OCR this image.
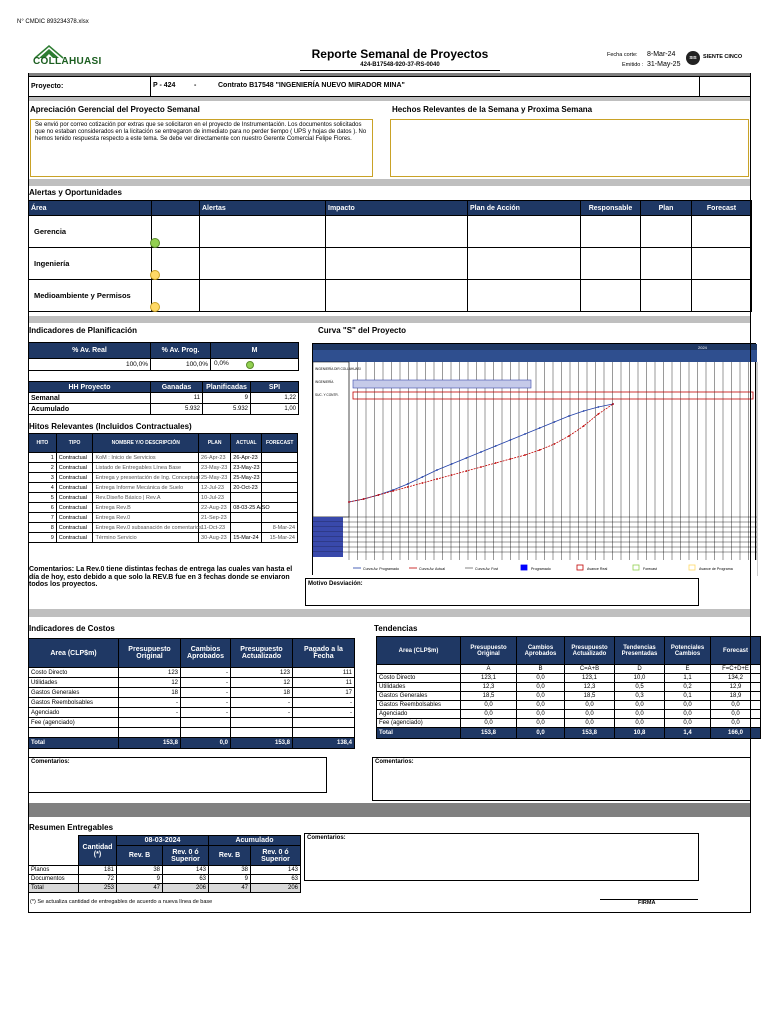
N° CMDIC 893234378.xlsx
COLLAHUASI
Reporte Semanal de Proyectos
424-B17548-920-37-RS-0040
Fecha corte: 8-Mar-24
Emitido : 31-May-25
SIS	SIENTE CINCO
Proyecto:	P - 424	-	Contrato B17548 "INGENIERÍA NUEVO MIRADOR MINA"
Apreciación Gerencial del Proyecto Semanal	Hechos Relevantes de la Semana y Proxima Semana
Se envió por correo cotización por extras que se solicitaron en el proyecto de Instrumentación. Los documentos solicitados que no estaban considerados en la licitación se entregaron de inmediato para no perder tiempo ( UPS y hojas de datos ). No hemos tenido respuesta respecto a este tema. Se debe ver directamente con nuestro Gerente Comercial Felipe Flores.
Alertas y Oportunidades
Área		Alertas	Impacto	Plan de Acción	Responsable	Plan	Forecast
Gerencia	

Ingeniería	

Medioambiente y Permisos	

Indicadores de Planificación
% Av. Real	% Av. Prog.	M
100,0%	100,0%	0,0%
HH Proyecto	Ganadas	Planificadas	SPI
Semanal	11	9	1,22
Acumulado	5.932	5.932	1,00
Hitos Relevantes (Incluidos Contractuales)
HITO	TIPO	NOMBRE Y/O DESCRIPCIÓN	PLAN	ACTUAL	FORECAST
1	Contractual	KoM : Inicio de Servicios	26-Apr-23	26-Apr-23	
2	Contractual	Listado de Entregables Línea Base	23-May-23	23-May-23	
3	Contractual	Entrega y presentación de Ing. Conceptual	25-May-23	25-May-23	
4	Contractual	Entrega Informe Mecánica de Suelo	12-Jul-23	20-Oct-23	
5	Contractual	Rev.Diseño Básico | Rev.A	10-Jul-23		
6	Contractual	Entrega Rev.B	22-Aug-23	08-03-25 A/SO	
7	Contractual	Entrega Rev.0	21-Sep-23		
8	Contractual	Entrega Rev.0 subsanación de comentarios	11-Oct-23		8-Mar-24
9	Contractual	Término Servicio	30-Aug-23	15-Mar-24	15-Mar-24
Comentarios: La Rev.0 tiene distintas fechas de entrega las cuales van hasta el día de hoy, esto debido a que solo la REV.B fue en 3 fechas donde se enviaron todos los proyectos.
Curva "S" del Proyecto
2024
INGENIERÍA DIR COLLAHUASI
INGENIERÍA
SUC. Y CONTR.
Curva Av. Programado	Curva Av. Actual	Curva Av. Fcst	Programado	Avance Real	Forecast	Avance de Programa
Motivo Desviación:
Indicadores de Costos
Area (CLP$m)	Presupuesto Original	Cambios Aprobados	Presupuesto Actualizado	Pagado a la Fecha
Costo Directo	123	-	123	111
Utilidades	12	-	12	11
Gastos Generales	18	-	18	17
Gastos Reembolsables	-	-	-	-
Agenciado	-	-	-	-
Fee (agenciado)				

Total	153,8	0,0	153,8	138,4
Tendencias
Area (CLP$m)	Presupuesto Original	Cambios Aprobados	Presupuesto Actualizado	Tendencias Presentadas	Potenciales Cambios	Forecast
	A	B	C=A+B	D	E	F=C+D+E
Costo Directo	123,1	0,0	123,1	10,0	1,1	134,2
Utilidades	12,3	0,0	12,3	0,5	0,2	12,9
Gastos Generales	18,5	0,0	18,5	0,3	0,1	18,9
Gastos Reembolsables	0,0	0,0	0,0	0,0	0,0	0,0
Agenciado	0,0	0,0	0,0	0,0	0,0	0,0
Fee (agenciado)	0,0	0,0	0,0	0,0	0,0	0,0
Total	153,8	0,0	153,8	10,8	1,4	166,0
Comentarios:	Comentarios:
Resumen Entregables
	Cantidad (*)	08-03-2024		Acumulado	
		Rev. B	Rev. 0 ó Superior	Rev. B	Rev. 0 ó Superior
Planos	181	38	143	38	143
Documentos	72	9	63	9	63
Total	253	47	206	47	206
(*) Se actualiza cantidad de entregables de acuerdo a nueva línea de base
Comentarios:
FIRMA
